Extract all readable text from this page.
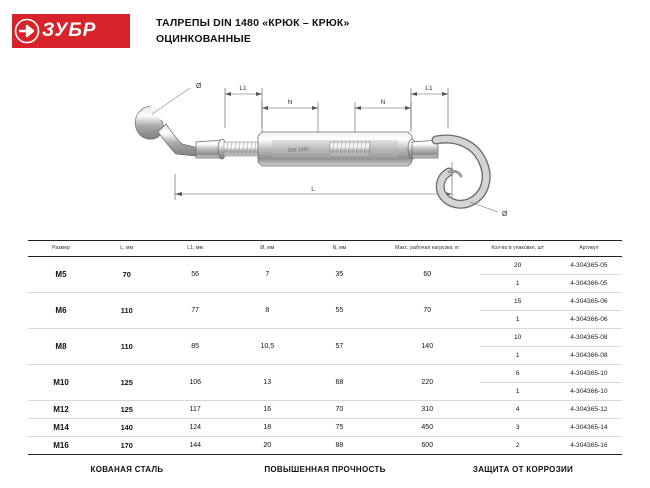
ЗУБР	ТАЛРЕПЫ DIN 1480 «КРЮК – КРЮК»
ОЦИНКОВАННЫЕ
L1
N	N
L1
L
Ø
DIN 1480
Ø
Размер	L, мм	L1, мм	Ø, мм	N, мм	Макс. рабочая нагрузка, кг	Кол-во в упаковке, шт	Артикул
M5	70	56	7	35	60	20	4-304365-05
						1	4-304366-05
M6	110	77	8	55	70	15	4-304365-06
						1	4-304366-06
M8	110	85	10,5	57	140	10	4-304365-08
						1	4-304366-08
M10	125	106	13	68	220	6	4-304365-10
						1	4-304366-10
M12	125	117	16	70	310	4	4-304365-12
M14	140	124	18	75	450	3	4-304365-14
M16	170	144	20	88	600	2	4-304365-16
КОВАНАЯ СТАЛЬ	ПОВЫШЕННАЯ ПРОЧНОСТЬ	ЗАЩИТА ОТ КОРРОЗИИ
